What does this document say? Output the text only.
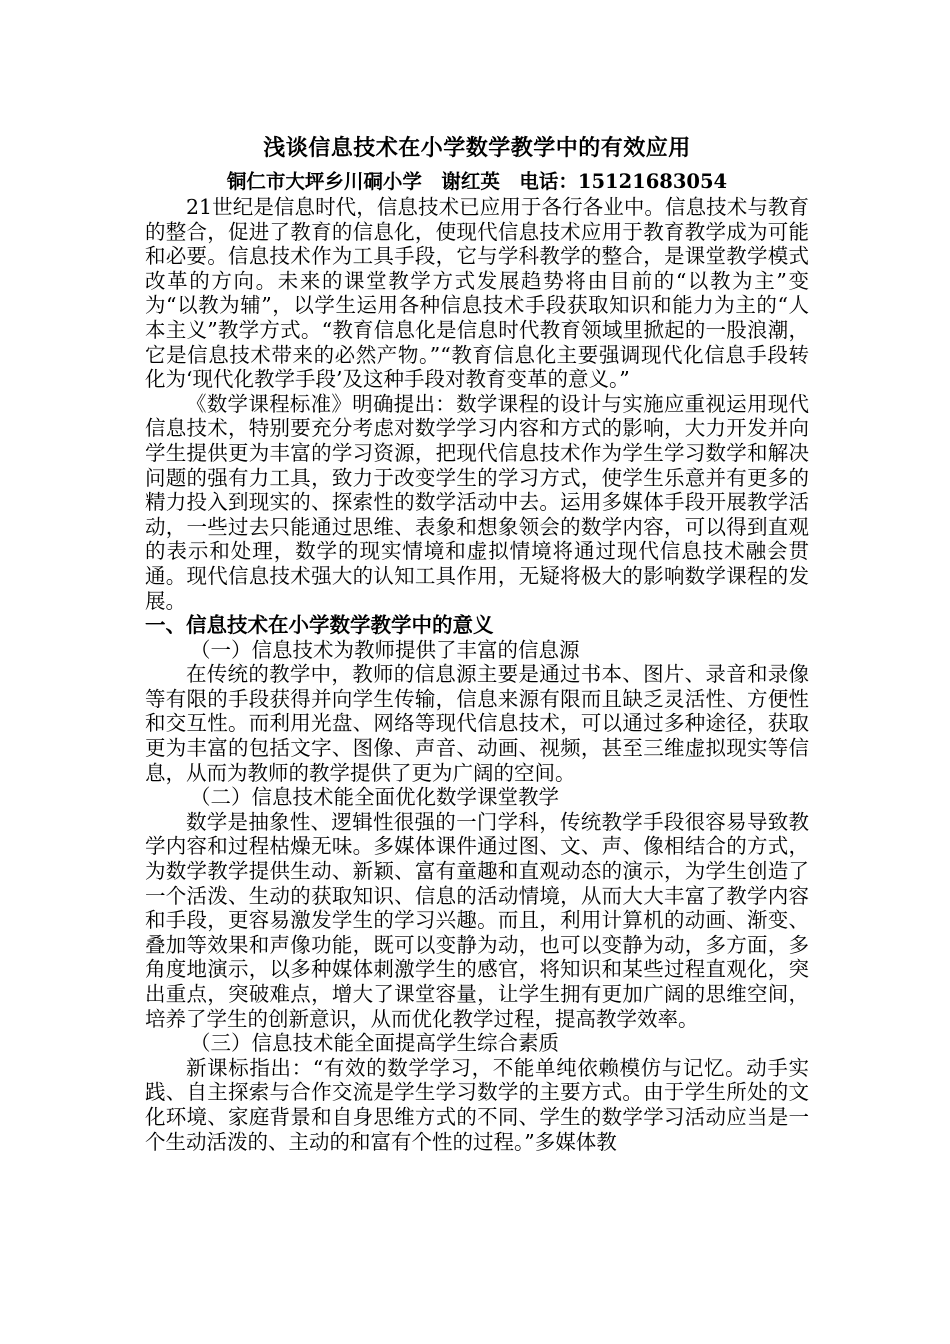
浅谈信息技术在小学数学教学中的有效应用
铜仁市大坪乡川硐小学　谢红英　电话：15121683054

21世纪是信息时代，信息技术已应用于各行各业中。信息技术与教育的整合，促进了教育的信息化，使现代信息技术应用于教育教学成为可能和必要。信息技术作为工具手段，它与学科教学的整合，是课堂教学模式改革的方向。未来的课堂教学方式发展趋势将由目前的“以教为主”变为“以教为辅”，以学生运用各种信息技术手段获取知识和能力为主的“人本主义”教学方式。“教育信息化是信息时代教育领域里掀起的一股浪潮，它是信息技术带来的必然产物。”“教育信息化主要强调现代化信息手段转化为‘现代化教学手段’及这种手段对教育变革的意义。”

《数学课程标准》明确提出：数学课程的设计与实施应重视运用现代信息技术，特别要充分考虑对数学学习内容和方式的影响，大力开发并向学生提供更为丰富的学习资源，把现代信息技术作为学生学习数学和解决问题的强有力工具，致力于改变学生的学习方式，使学生乐意并有更多的精力投入到现实的、探索性的数学活动中去。运用多媒体手段开展教学活动，一些过去只能通过思维、表象和想象领会的数学内容，可以得到直观的表示和处理，数学的现实情境和虚拟情境将通过现代信息技术融会贯通。现代信息技术强大的认知工具作用，无疑将极大的影响数学课程的发展。

一、信息技术在小学数学教学中的意义

（一）信息技术为教师提供了丰富的信息源

在传统的教学中，教师的信息源主要是通过书本、图片、录音和录像等有限的手段获得并向学生传输，信息来源有限而且缺乏灵活性、方便性和交互性。而利用光盘、网络等现代信息技术，可以通过多种途径，获取更为丰富的包括文字、图像、声音、动画、视频，甚至三维虚拟现实等信息，从而为教师的教学提供了更为广阔的空间。

（二）信息技术能全面优化数学课堂教学

数学是抽象性、逻辑性很强的一门学科，传统教学手段很容易导致教学内容和过程枯燥无味。多媒体课件通过图、文、声、像相结合的方式，为数学教学提供生动、新颖、富有童趣和直观动态的演示，为学生创造了一个活泼、生动的获取知识、信息的活动情境，从而大大丰富了教学内容和手段，更容易激发学生的学习兴趣。而且，利用计算机的动画、渐变、叠加等效果和声像功能，既可以变静为动，也可以变静为动，多方面，多角度地演示，以多种媒体刺激学生的感官，将知识和某些过程直观化，突出重点，突破难点，增大了课堂容量，让学生拥有更加广阔的思维空间，培养了学生的创新意识，从而优化教学过程，提高教学效率。

（三）信息技术能全面提高学生综合素质

新课标指出：“有效的数学学习，不能单纯依赖模仿与记忆。动手实践、自主探索与合作交流是学生学习数学的主要方式。由于学生所处的文化环境、家庭背景和自身思维方式的不同、学生的数学学习活动应当是一个生动活泼的、主动的和富有个性的过程。”多媒体教
